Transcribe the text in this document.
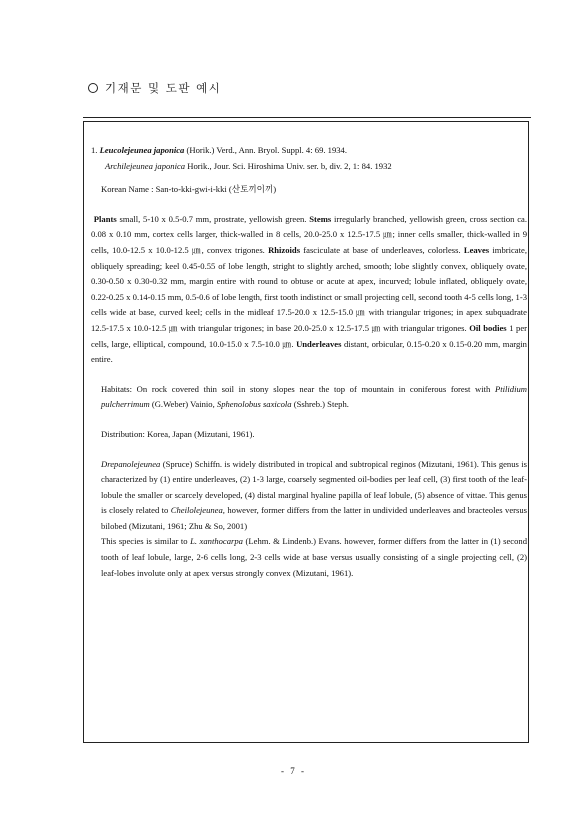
기재문 및 도판 예시

1. Leucolejeunea japonica (Horik.) Verd., Ann. Bryol. Suppl. 4: 69. 1934.

Archilejeunea japonica Horik., Jour. Sci. Hiroshima Univ. ser. b, div. 2, 1: 84. 1932

Korean Name : San-to-kki-gwi-i-kki (산토끼이끼)

Plants small, 5-10 x 0.5-0.7 mm, prostrate, yellowish green. Stems irregularly branched, yellowish green, cross section ca. 0.08 x 0.10 mm, cortex cells larger, thick-walled in 8 cells, 20.0-25.0 x 12.5-17.5 ㎛; inner cells smaller, thick-walled in 9 cells, 10.0-12.5 x 10.0-12.5 ㎛, convex trigones. Rhizoids fasciculate at base of underleaves, colorless. Leaves imbricate, obliquely spreading; keel 0.45-0.55 of lobe length, stright to slightly arched, smooth; lobe slightly convex, obliquely ovate, 0.30-0.50 x 0.30-0.32 mm, margin entire with round to obtuse or acute at apex, incurved; lobule inflated, obliquely ovate, 0.22-0.25 x 0.14-0.15 mm, 0.5-0.6 of lobe length, first tooth indistinct or small projecting cell, second tooth 4-5 cells long, 1-3 cells wide at base, curved keel; cells in the midleaf 17.5-20.0 x 12.5-15.0 ㎛ with triangular trigones; in apex subquadrate 12.5-17.5 x 10.0-12.5 ㎛ with triangular trigones; in base 20.0-25.0 x 12.5-17.5 ㎛ with triangular trigones. Oil bodies 1 per cells, large, elliptical, compound, 10.0-15.0 x 7.5-10.0 ㎛. Underleaves distant, orbicular, 0.15-0.20 x 0.15-0.20 mm, margin entire.

Habitats: On rock covered thin soil in stony slopes near the top of mountain in coniferous forest with Ptilidium pulcherrimum (G.Weber) Vainio, Sphenolobus saxicola (Sshreb.) Steph.

Distribution: Korea, Japan (Mizutani, 1961).

Drepanolejeunea (Spruce) Schiffn. is widely distributed in tropical and subtropical reginos (Mizutani, 1961). This genus is characterized by (1) entire underleaves, (2) 1-3 large, coarsely segmented oil-bodies per leaf cell, (3) first tooth of the leaf-lobule the smaller or scarcely developed, (4) distal marginal hyaline papilla of leaf lobule, (5) absence of vittae. This genus is closely related to Cheilolejeunea, however, former differs from the latter in undivided underleaves and bracteoles versus bilobed (Mizutani, 1961; Zhu & So, 2001)

This species is similar to L. xanthocarpa (Lehm. & Lindenb.) Evans. however, former differs from the latter in (1) second tooth of leaf lobule, large, 2-6 cells long, 2-3 cells wide at base versus usually consisting of a single projecting cell, (2) leaf-lobes involute only at apex versus strongly convex (Mizutani, 1961).

- 7 -
